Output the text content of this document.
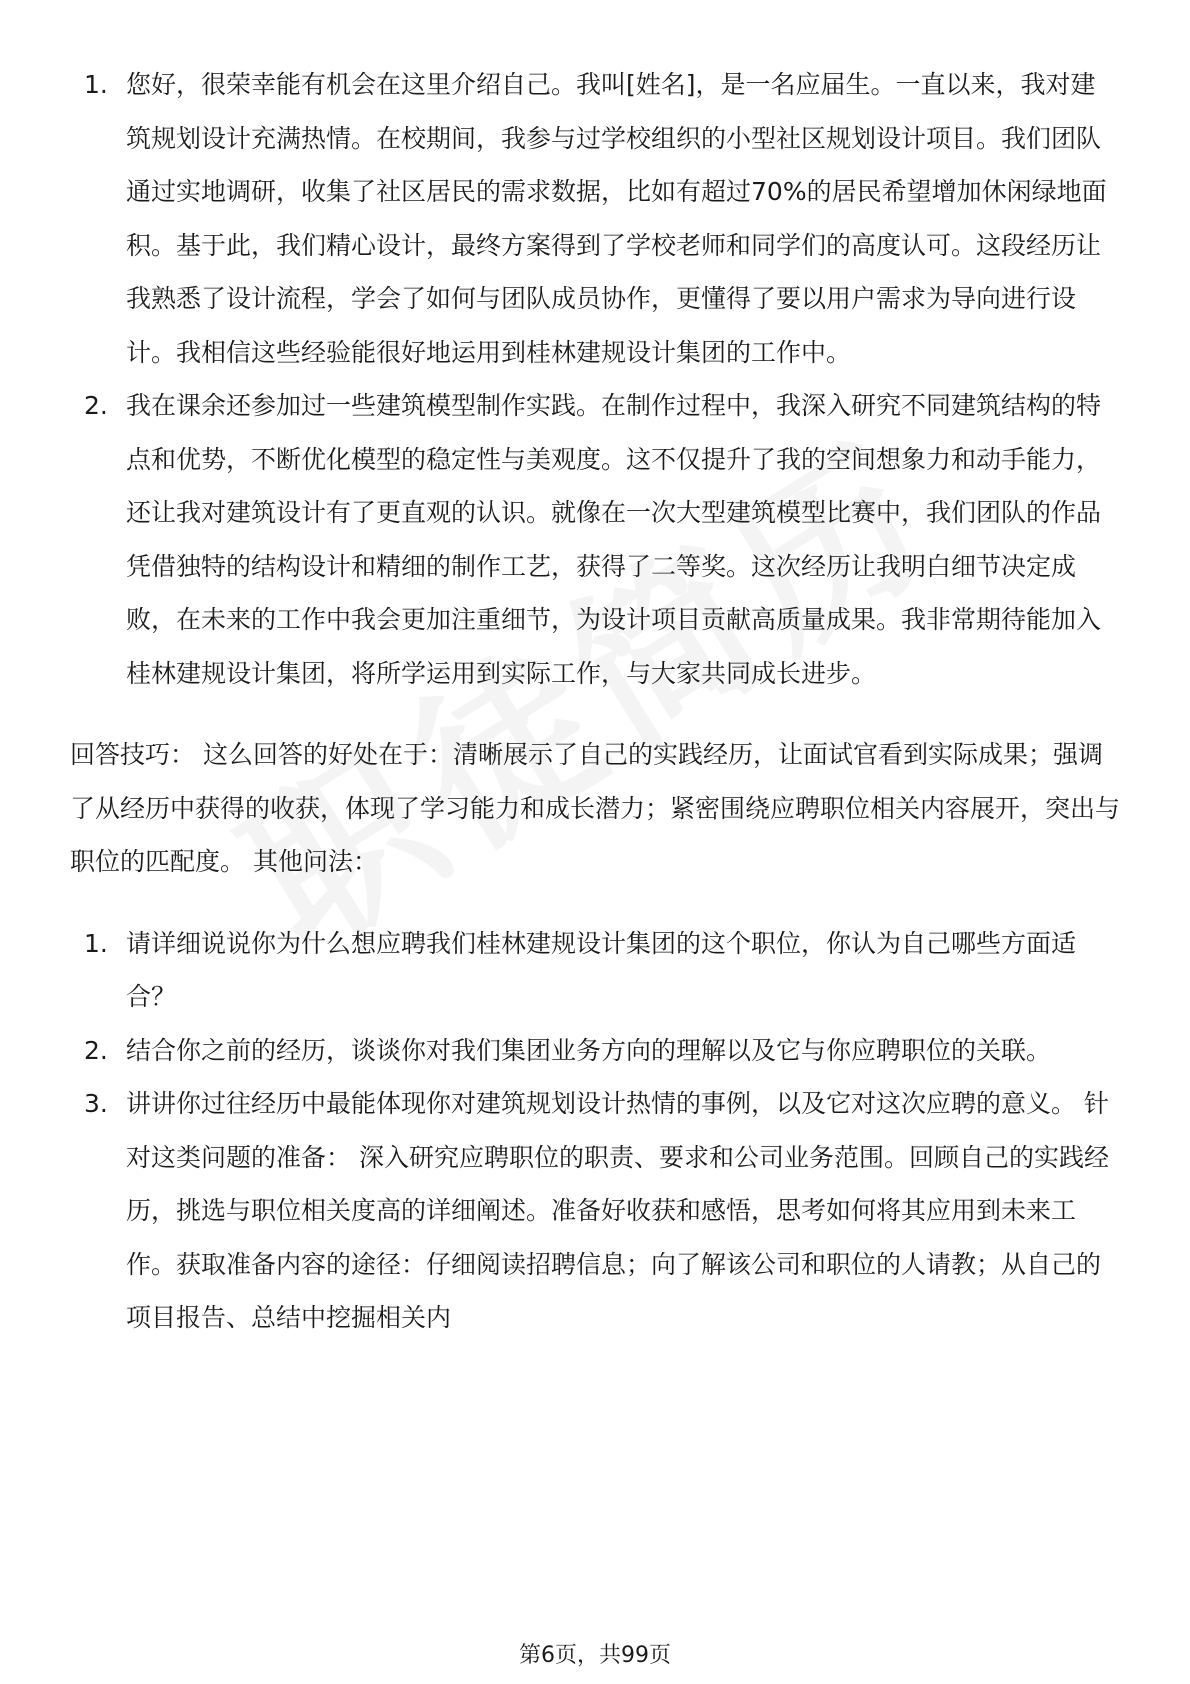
1. 您好，很荣幸能有机会在这里介绍自己。我叫[姓名]，是一名应届生。一直以来，我对建筑规划设计充满热情。在校期间，我参与过学校组织的小型社区规划设计项目。我们团队通过实地调研，收集了社区居民的需求数据，比如有超过70%的居民希望增加休闲绿地面积。基于此，我们精心设计，最终方案得到了学校老师和同学们的高度认可。这段经历让我熟悉了设计流程，学会了如何与团队成员协作，更懂得了要以用户需求为导向进行设计。我相信这些经验能很好地运用到桂林建规设计集团的工作中。
2. 我在课余还参加过一些建筑模型制作实践。在制作过程中，我深入研究不同建筑结构的特点和优势，不断优化模型的稳定性与美观度。这不仅提升了我的空间想象力和动手能力，还让我对建筑设计有了更直观的认识。就像在一次大型建筑模型比赛中，我们团队的作品凭借独特的结构设计和精细的制作工艺，获得了二等奖。这次经历让我明白细节决定成败，在未来的工作中我会更加注重细节，为设计项目贡献高质量成果。我非常期待能加入桂林建规设计集团，将所学运用到实际工作，与大家共同成长进步。

回答技巧： 这么回答的好处在于：清晰展示了自己的实践经历，让面试官看到实际成果；强调了从经历中获得的收获，体现了学习能力和成长潜力；紧密围绕应聘职位相关内容展开，突出与职位的匹配度。 其他问法：

1. 请详细说说你为什么想应聘我们桂林建规设计集团的这个职位，你认为自己哪些方面适合？
2. 结合你之前的经历，谈谈你对我们集团业务方向的理解以及它与你应聘职位的关联。
3. 讲讲你过往经历中最能体现你对建筑规划设计热情的事例，以及它对这次应聘的意义。 针对这类问题的准备： 深入研究应聘职位的职责、要求和公司业务范围。回顾自己的实践经历，挑选与职位相关度高的详细阐述。准备好收获和感悟，思考如何将其应用到未来工作。获取准备内容的途径：仔细阅读招聘信息；向了解该公司和职位的人请教；从自己的项目报告、总结中挖掘相关内
第6页，共99页
